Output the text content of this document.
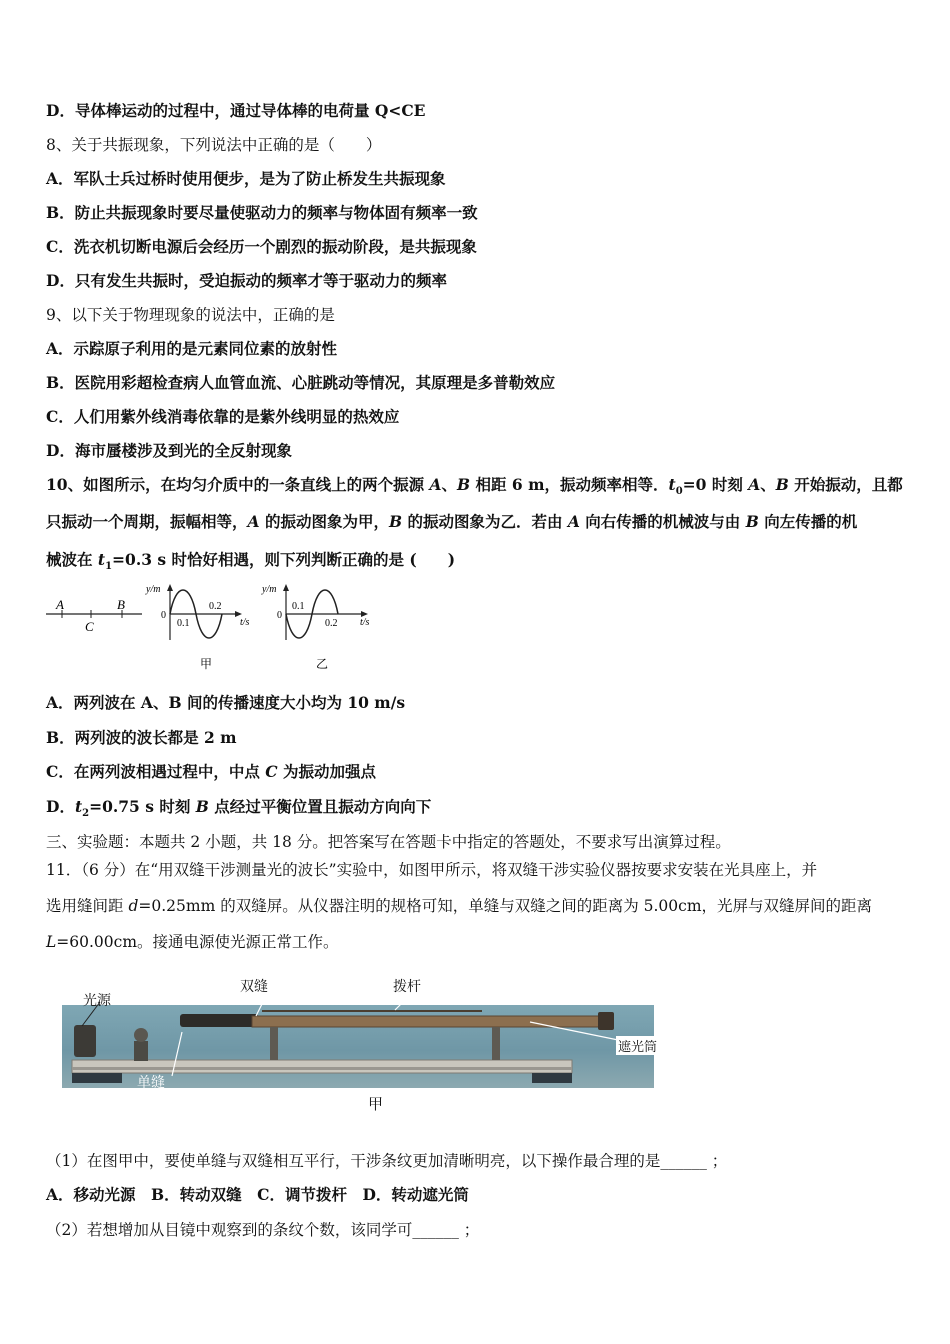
D．导体棒运动的过程中，通过导体棒的电荷量 Q<CE
8、关于共振现象，下列说法中正确的是（　　）
A．军队士兵过桥时使用便步，是为了防止桥发生共振现象
B．防止共振现象时要尽量使驱动力的频率与物体固有频率一致
C．洗衣机切断电源后会经历一个剧烈的振动阶段，是共振现象
D．只有发生共振时，受迫振动的频率才等于驱动力的频率
9、以下关于物理现象的说法中，正确的是
A．示踪原子利用的是元素同位素的放射性
B．医院用彩超检查病人血管血流、心脏跳动等情况，其原理是多普勒效应
C．人们用紫外线消毒依靠的是紫外线明显的热效应
D．海市蜃楼涉及到光的全反射现象
10、如图所示，在均匀介质中的一条直线上的两个振源 A、B 相距 6 m，振动频率相等．$t_0=0$ 时刻 A、B 开始振动，且都
只振动一个周期，振幅相等，A 的振动图象为甲，B 的振动图象为乙．若由 A 向右传播的机械波与由 B 向左传播的机
械波在 $t_1=0.3$ s 时恰好相遇，则下列判断正确的是 (　　)
A	B
C
y/m
0
0.1
0.2
t/s
甲
y/m
0
0.1
0.2 t/s
乙
A．两列波在 A、B 间的传播速度大小均为 10 m/s
B．两列波的波长都是 2 m
C．在两列波相遇过程中，中点 C 为振动加强点
D．$t_2=0.75$ s 时刻 B 点经过平衡位置且振动方向向下
三、实验题：本题共 2 小题，共 18 分。把答案写在答题卡中指定的答题处，不要求写出演算过程。
11．（6 分）在“用双缝干涉测量光的波长”实验中，如图甲所示，将双缝干涉实验仪器按要求安装在光具座上，并
选用缝间距 d=0.25mm 的双缝屏。从仪器注明的规格可知，单缝与双缝之间的距离为 5.00cm，光屏与双缝屏间的距离
L=60.00cm。接通电源使光源正常工作。
光源
双缝	拨杆
遮光筒
单缝
甲
（1）在图甲中，要使单缝与双缝相互平行，干涉条纹更加清晰明亮，以下操作最合理的是______ ；
A．移动光源　B．转动双缝　C．调节拨杆　D．转动遮光筒
（2）若想增加从目镜中观察到的条纹个数，该同学可______ ；
